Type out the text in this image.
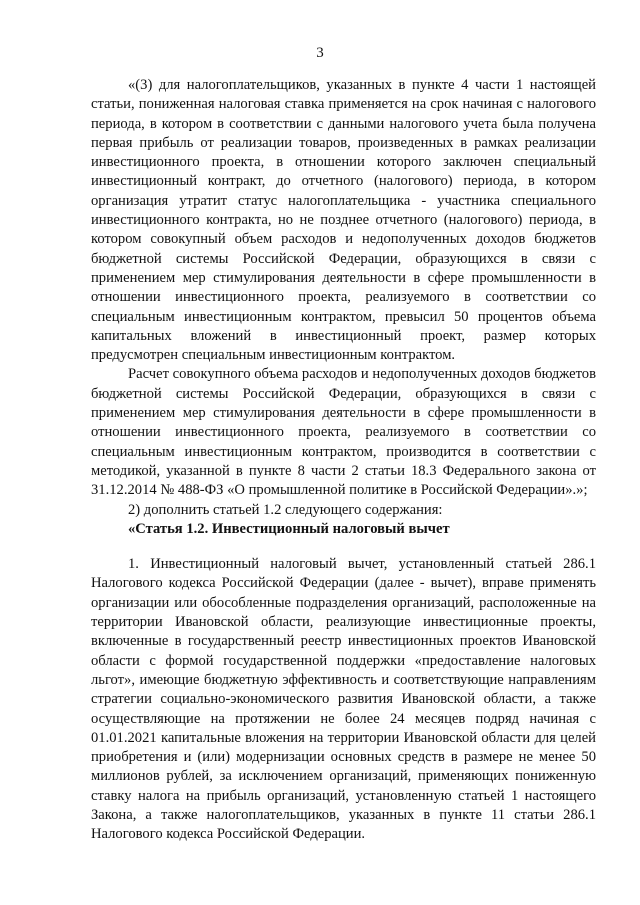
3

«(3) для налогоплательщиков, указанных в пункте 4 части 1 настоящей статьи, пониженная налоговая ставка применяется на срок начиная с налогового периода, в котором в соответствии с данными налогового учета была получена первая прибыль от реализации товаров, произведенных в рамках реализации инвестиционного проекта, в отношении которого заключен специальный инвестиционный контракт, до отчетного (налогового) периода, в котором организация утратит статус налогоплательщика - участника специального инвестиционного контракта, но не позднее отчетного (налогового) периода, в котором совокупный объем расходов и недополученных доходов бюджетов бюджетной системы Российской Федерации, образующихся в связи с применением мер стимулирования деятельности в сфере промышленности в отношении инвестиционного проекта, реализуемого в соответствии со специальным инвестиционным контрактом, превысил 50 процентов объема капитальных вложений в инвестиционный проект, размер которых предусмотрен специальным инвестиционным контрактом.

Расчет совокупного объема расходов и недополученных доходов бюджетов бюджетной системы Российской Федерации, образующихся в связи с применением мер стимулирования деятельности в сфере промышленности в отношении инвестиционного проекта, реализуемого в соответствии со специальным инвестиционным контрактом, производится в соответствии с методикой, указанной в пункте 8 части 2 статьи 18.3 Федерального закона от 31.12.2014 № 488-ФЗ «О промышленной политике в Российской Федерации».»;

2) дополнить статьей 1.2 следующего содержания:

«Статья 1.2. Инвестиционный налоговый вычет

1. Инвестиционный налоговый вычет, установленный статьей 286.1 Налогового кодекса Российской Федерации (далее - вычет), вправе применять организации или обособленные подразделения организаций, расположенные на территории Ивановской области, реализующие инвестиционные проекты, включенные в государственный реестр инвестиционных проектов Ивановской области с формой государственной поддержки «предоставление налоговых льгот», имеющие бюджетную эффективность и соответствующие направлениям стратегии социально-экономического развития Ивановской области, а также осуществляющие на протяжении не более 24 месяцев подряд начиная с 01.01.2021 капитальные вложения на территории Ивановской области для целей приобретения и (или) модернизации основных средств в размере не менее 50 миллионов рублей, за исключением организаций, применяющих пониженную ставку налога на прибыль организаций, установленную статьей 1 настоящего Закона, а также налогоплательщиков, указанных в пункте 11 статьи 286.1 Налогового кодекса Российской Федерации.
